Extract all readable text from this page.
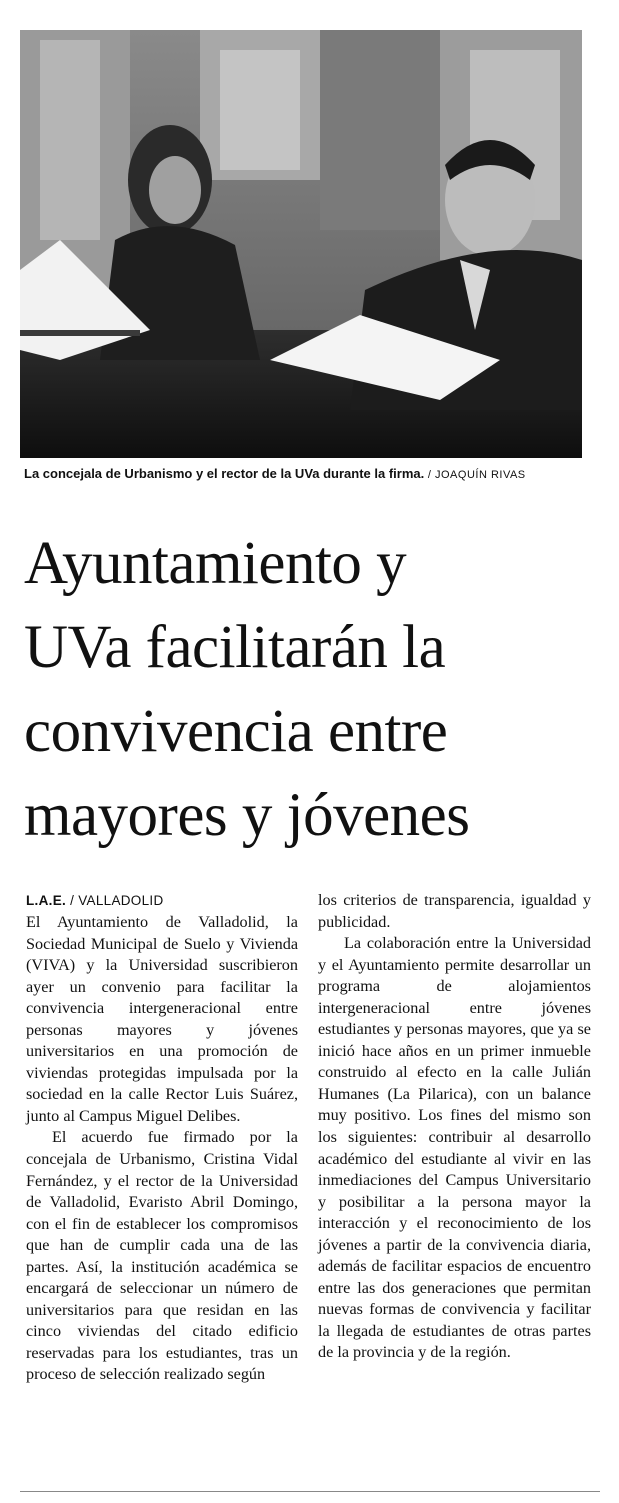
La concejala de Urbanismo y el rector de la UVa durante la firma. / JOAQUÍN RIVAS
Ayuntamiento y
UVa facilitarán la
convivencia entre
mayores y jóvenes
L.A.E. / VALLADOLID

El Ayuntamiento de Valladolid, la Sociedad Municipal de Suelo y Vivienda (VIVA) y la Universidad suscribieron ayer un convenio para facilitar la convivencia intergeneracional entre personas mayores y jóvenes universitarios en una promoción de viviendas protegidas impulsada por la sociedad en la calle Rector Luis Suárez, junto al Campus Miguel Delibes.

El acuerdo fue firmado por la concejala de Urbanismo, Cristina Vidal Fernández, y el rector de la Universidad de Valladolid, Evaristo Abril Domingo, con el fin de establecer los compromisos que han de cumplir cada una de las partes. Así, la institución académica se encargará de seleccionar un número de universitarios para que residan en las cinco viviendas del citado edificio reservadas para los estudiantes, tras un proceso de selección realizado según

los criterios de transparencia, igualdad y publicidad.

La colaboración entre la Universidad y el Ayuntamiento permite desarrollar un programa de alojamientos intergeneracional entre jóvenes estudiantes y personas mayores, que ya se inició hace años en un primer inmueble construido al efecto en la calle Julián Humanes (La Pilarica), con un balance muy positivo. Los fines del mismo son los siguientes: contribuir al desarrollo académico del estudiante al vivir en las inmediaciones del Campus Universitario y posibilitar a la persona mayor la interacción y el reconocimiento de los jóvenes a partir de la convivencia diaria, además de facilitar espacios de encuentro entre las dos generaciones que permitan nuevas formas de convivencia y facilitar la llegada de estudiantes de otras partes de la provincia y de la región.
